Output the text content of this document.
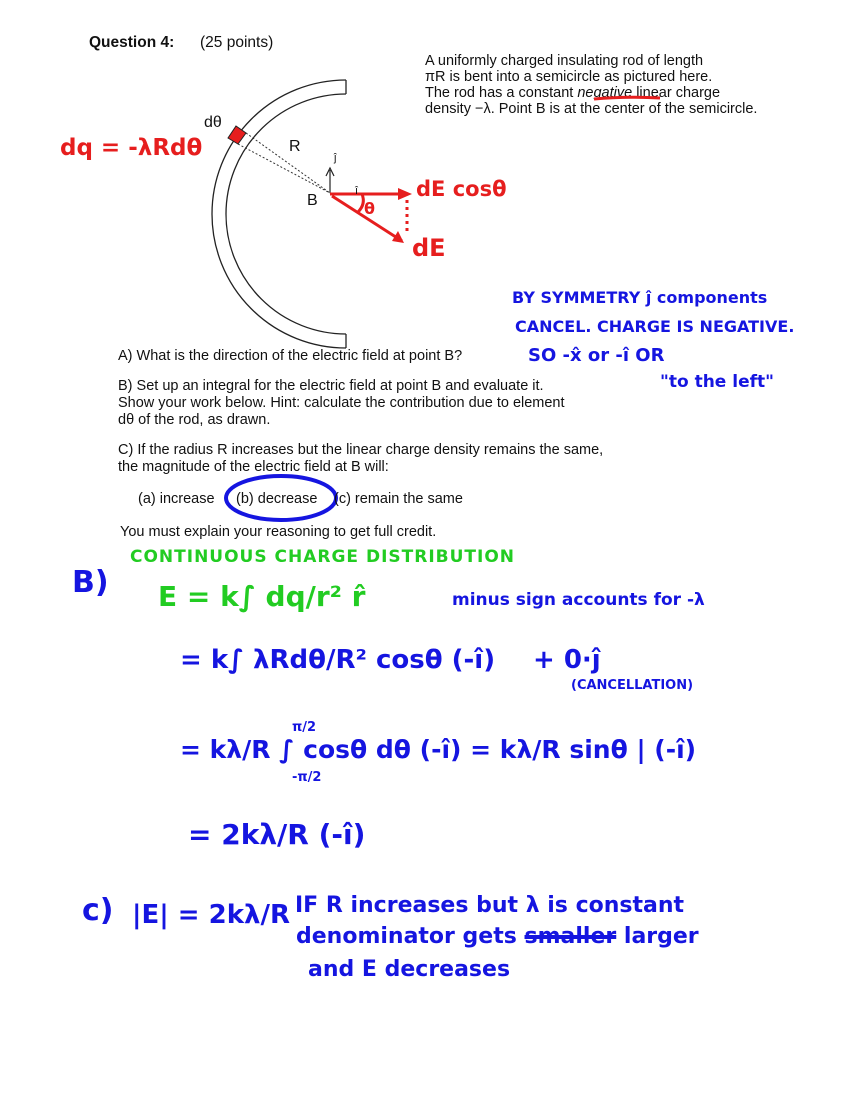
Question 4: (25 points)
A uniformly charged insulating rod of length
πR is bent into a semicircle as pictured here.
The rod has a constant negative linear charge
density −λ. Point B is at the center of the semicircle.
dθ
R
B
ĵ
î
dq = -λRdθ
dE cosθ
dE
θ
BY SYMMETRY ĵ components
CANCEL. CHARGE IS NEGATIVE.
SO -x̂ or -î OR
"to the left"
A) What is the direction of the electric field at point B?
B) Set up an integral for the electric field at point B and evaluate it.
Show your work below. Hint: calculate the contribution due to element
dθ of the rod, as drawn.
C) If the radius R increases but the linear charge density remains the same,
the magnitude of the electric field at B will:
(a) increase (b) decrease (c) remain the same
You must explain your reasoning to get full credit.
B)
CONTINUOUS CHARGE DISTRIBUTION
E = k∫ dq/r² r̂	minus sign accounts for -λ
= k∫ λRdθ/R² cosθ (-î) + 0·ĵ
(CANCELLATION)
= kλ/R ∫ cosθ dθ (-î) = kλ/R sinθ | (-î)
π/2
-π/2
= 2kλ/R (-î)
c) |E| = 2kλ/R IF R increases but λ is constant
denominator gets smaller larger
and E decreases
